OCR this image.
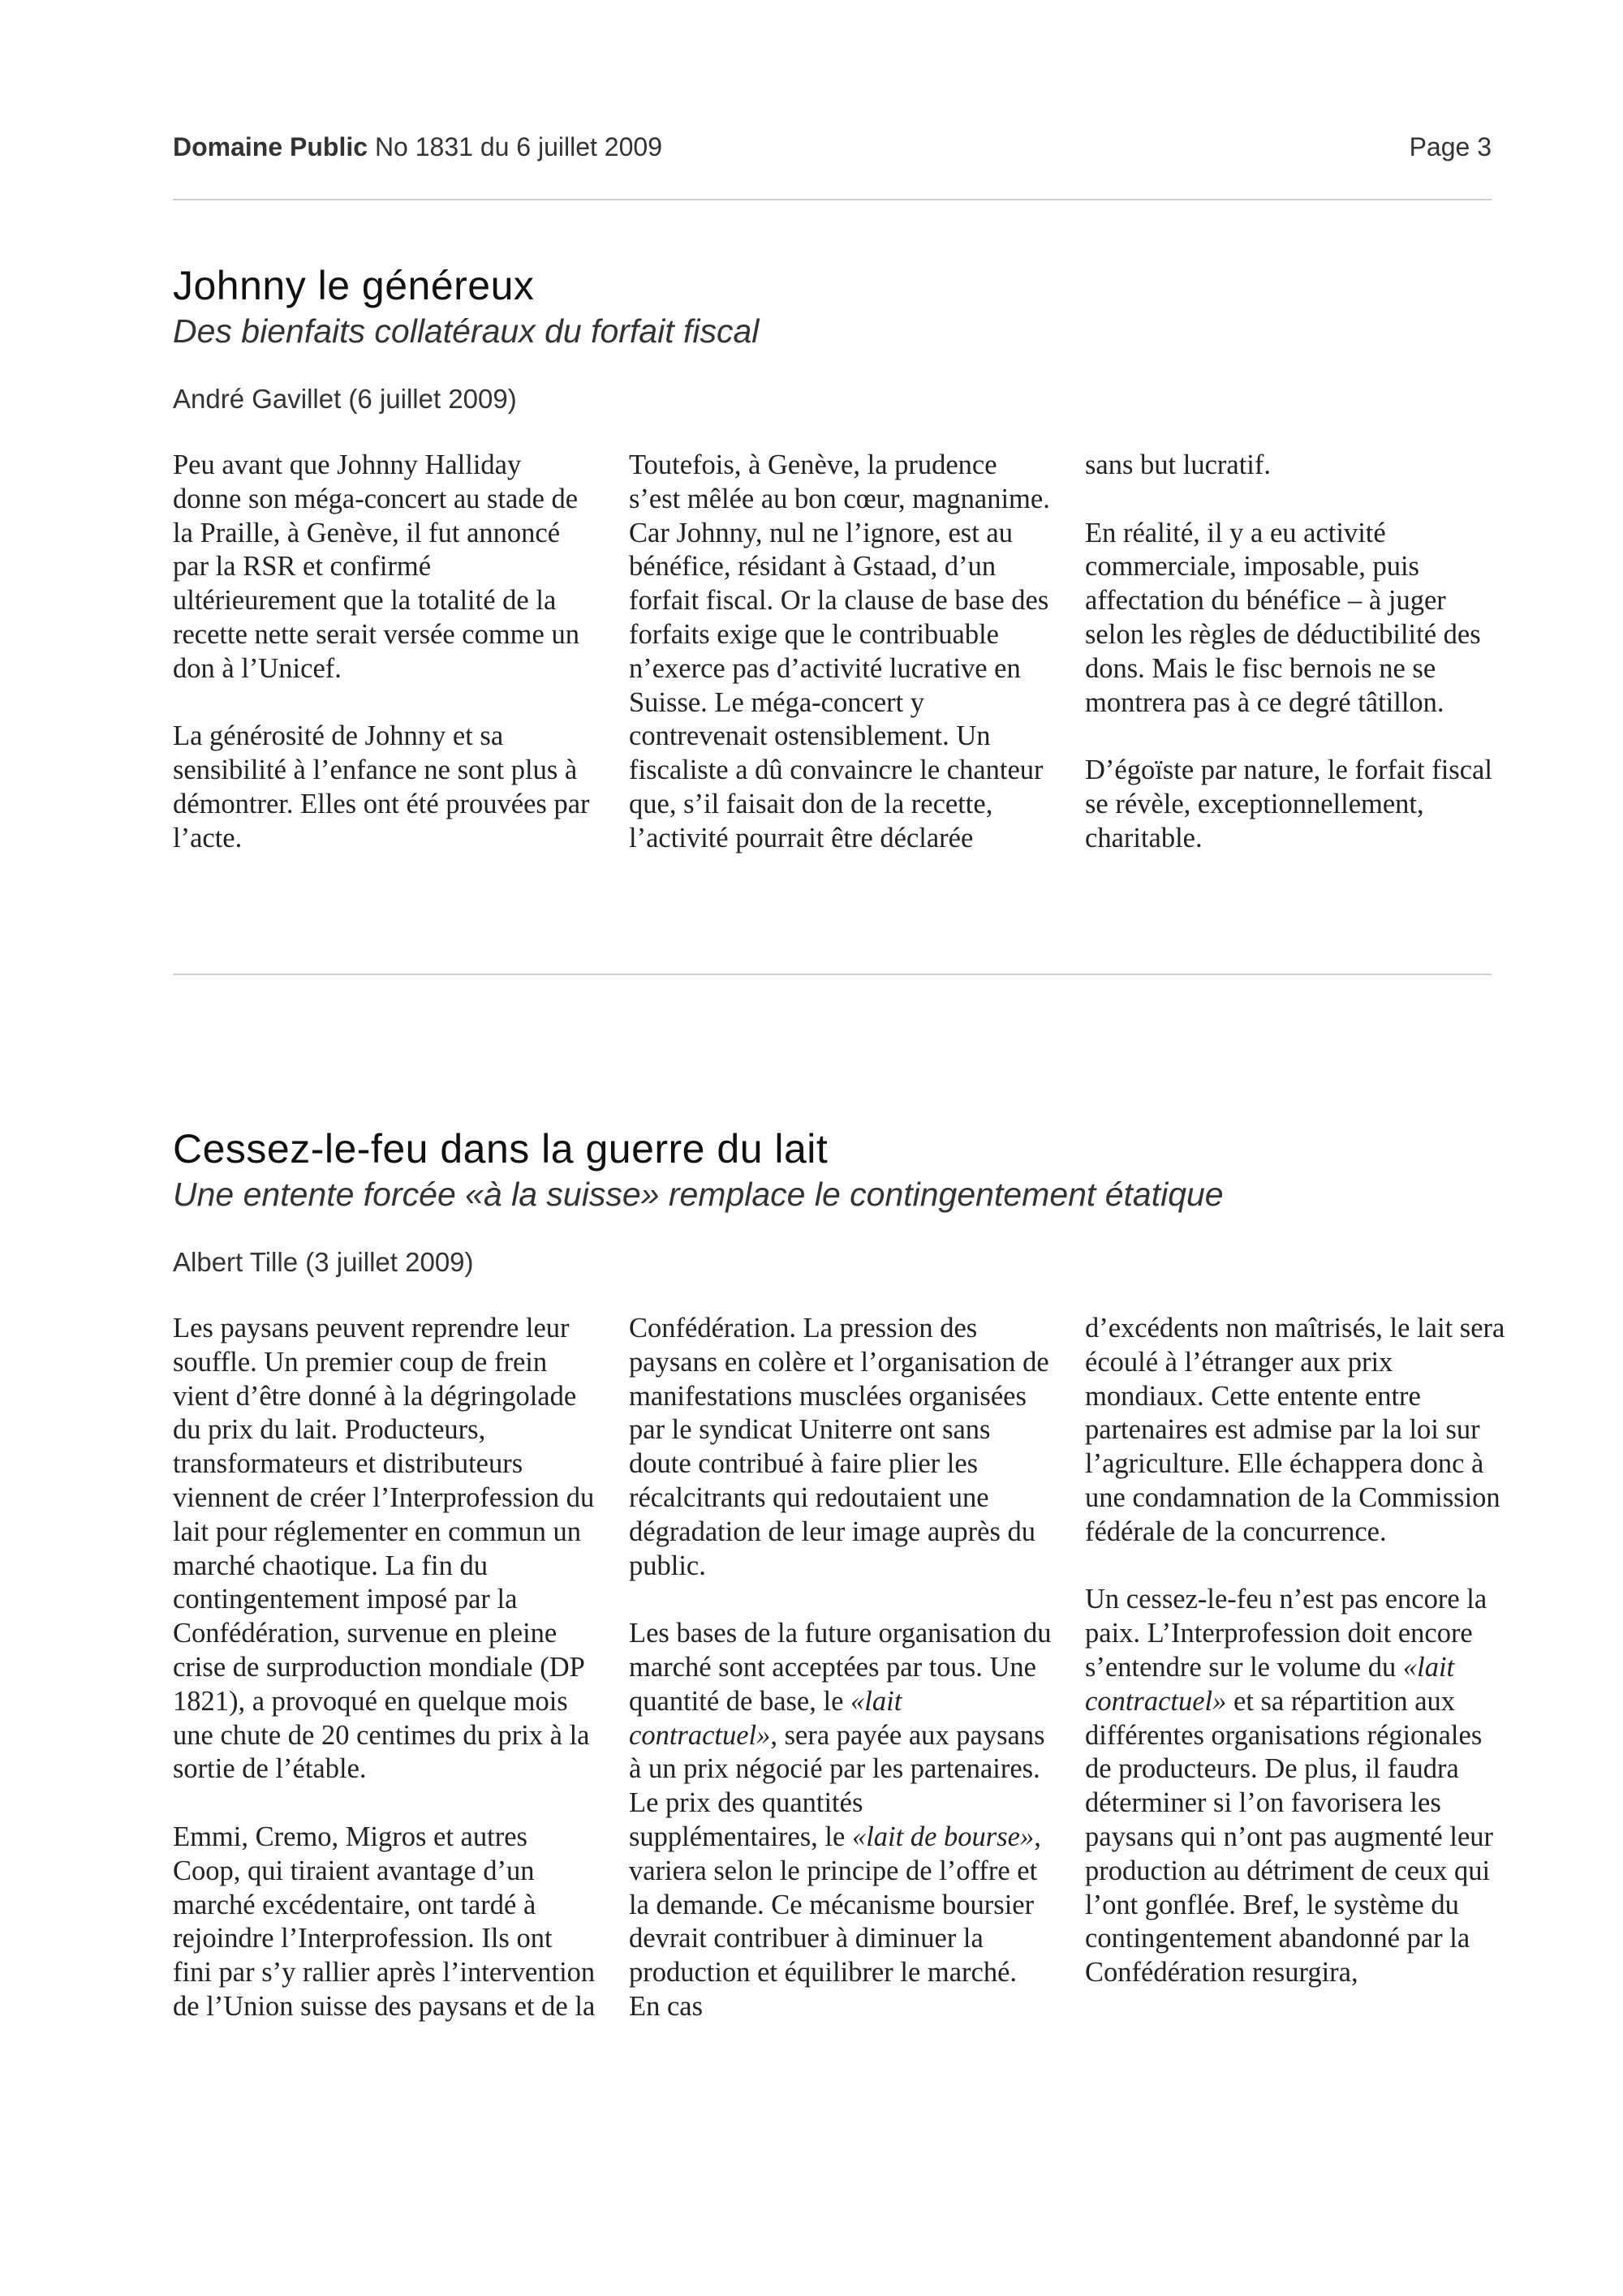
Domaine Public No 1831 du 6 juillet 2009	Page 3
Johnny le généreux
Des bienfaits collatéraux du forfait fiscal
André Gavillet (6 juillet 2009)

Peu avant que Johnny Halliday donne son méga-concert au stade de la Praille, à Genève, il fut annoncé par la RSR et confirmé ultérieurement que la totalité de la recette nette serait versée comme un don à l’Unicef.

La générosité de Johnny et sa sensibilité à l’enfance ne sont plus à démontrer. Elles ont été prouvées par l’acte.

Toutefois, à Genève, la prudence s’est mêlée au bon cœur, magnanime. Car Johnny, nul ne l’ignore, est au bénéfice, résidant à Gstaad, d’un forfait fiscal. Or la clause de base des forfaits exige que le contribuable n’exerce pas d’activité lucrative en Suisse. Le méga-concert y contrevenait ostensiblement. Un fiscaliste a dû convaincre le chanteur que, s’il faisait don de la recette, l’activité pourrait être déclarée

sans but lucratif.

En réalité, il y a eu activité commerciale, imposable, puis affectation du bénéfice – à juger selon les règles de déductibilité des dons. Mais le fisc bernois ne se montrera pas à ce degré tâtillon.

D’égoïste par nature, le forfait fiscal se révèle, exceptionnellement, charitable.

Cessez-le-feu dans la guerre du lait
Une entente forcée «à la suisse» remplace le contingentement étatique
Albert Tille (3 juillet 2009)

Les paysans peuvent reprendre leur souffle. Un premier coup de frein vient d’être donné à la dégringolade du prix du lait. Producteurs, transformateurs et distributeurs viennent de créer l’Interprofession du lait pour réglementer en commun un marché chaotique. La fin du contingentement imposé par la Confédération, survenue en pleine crise de surproduction mondiale (DP 1821), a provoqué en quelque mois une chute de 20 centimes du prix à la sortie de l’étable.

Emmi, Cremo, Migros et autres Coop, qui tiraient avantage d’un marché excédentaire, ont tardé à rejoindre l’Interprofession. Ils ont fini par s’y rallier après l’intervention de l’Union suisse des paysans et de la

Confédération. La pression des paysans en colère et l’organisation de manifestations musclées organisées par le syndicat Uniterre ont sans doute contribué à faire plier les récalcitrants qui redoutaient une dégradation de leur image auprès du public.

Les bases de la future organisation du marché sont acceptées par tous. Une quantité de base, le «lait contractuel», sera payée aux paysans à un prix négocié par les partenaires. Le prix des quantités supplémentaires, le «lait de bourse», variera selon le principe de l’offre et la demande. Ce mécanisme boursier devrait contribuer à diminuer la production et équilibrer le marché. En cas

d’excédents non maîtrisés, le lait sera écoulé à l’étranger aux prix mondiaux. Cette entente entre partenaires est admise par la loi sur l’agriculture. Elle échappera donc à une condamnation de la Commission fédérale de la concurrence.

Un cessez-le-feu n’est pas encore la paix. L’Interprofession doit encore s’entendre sur le volume du «lait contractuel» et sa répartition aux différentes organisations régionales de producteurs. De plus, il faudra déterminer si l’on favorisera les paysans qui n’ont pas augmenté leur production au détriment de ceux qui l’ont gonflée. Bref, le système du contingentement abandonné par la Confédération resurgira,
